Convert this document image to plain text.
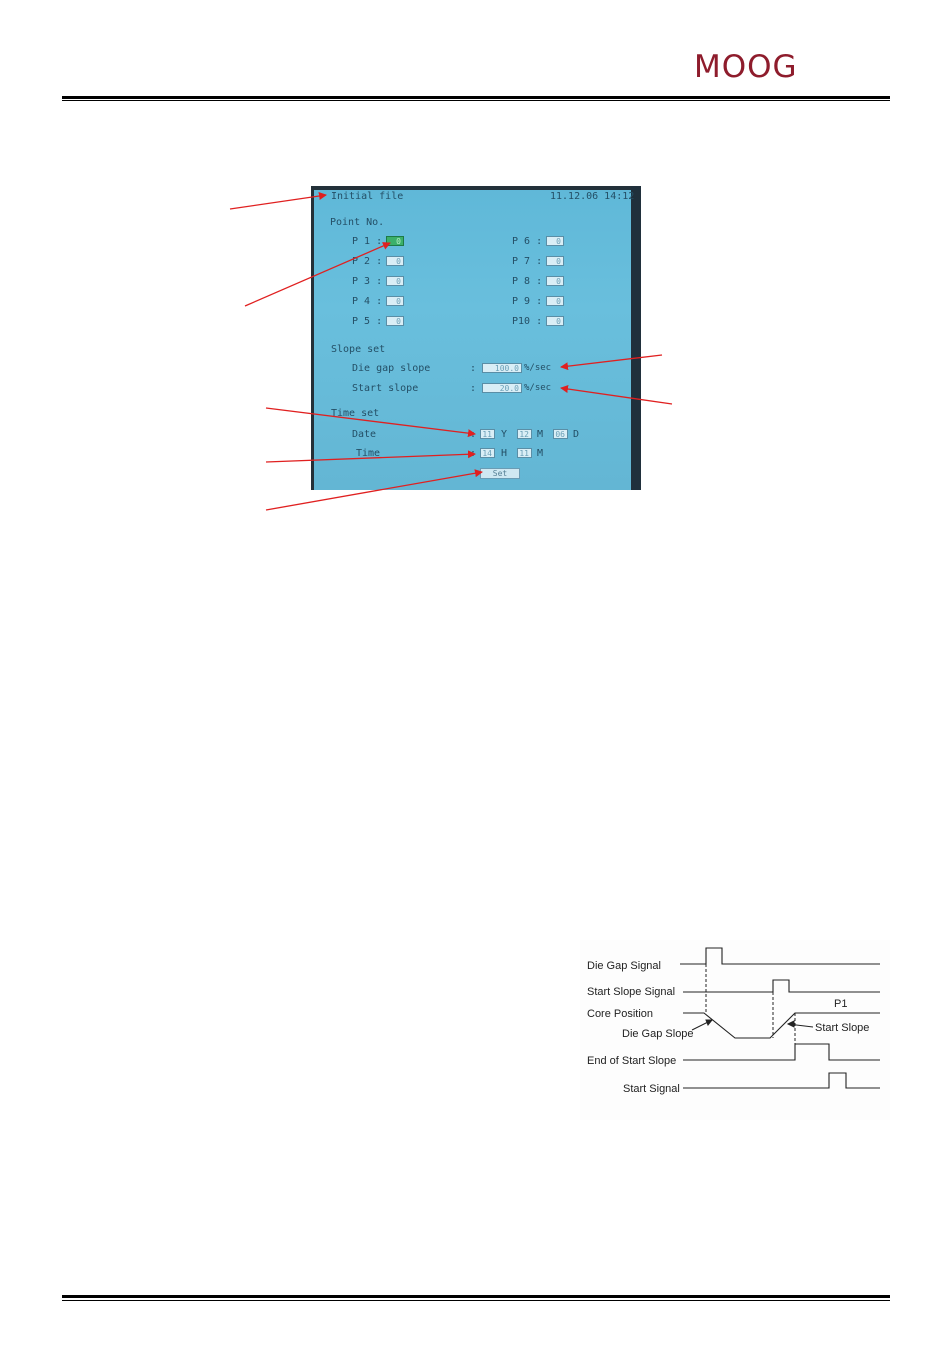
MOOG
Initial file	11.12.06 14:12
Point No.
P 1 :	0
P 2 :	0
P 3 :	0
P 4 :	0
P 5 :	0
P 6 :	0
P 7 :	0
P 8 :	0
P 9 :	0
P10 :	0
Slope set
Die gap slope	:	100.0 %/sec
Start slope	:	20.0 %/sec
Time set
Date	: 11 Y 12 M 06 D
Time	: 14 H 11 M
Set
Die Gap Signal
Start Slope Signal
Core Position
Die Gap Slope	Start Slope
P1
End of Start Slope
Start Signal
